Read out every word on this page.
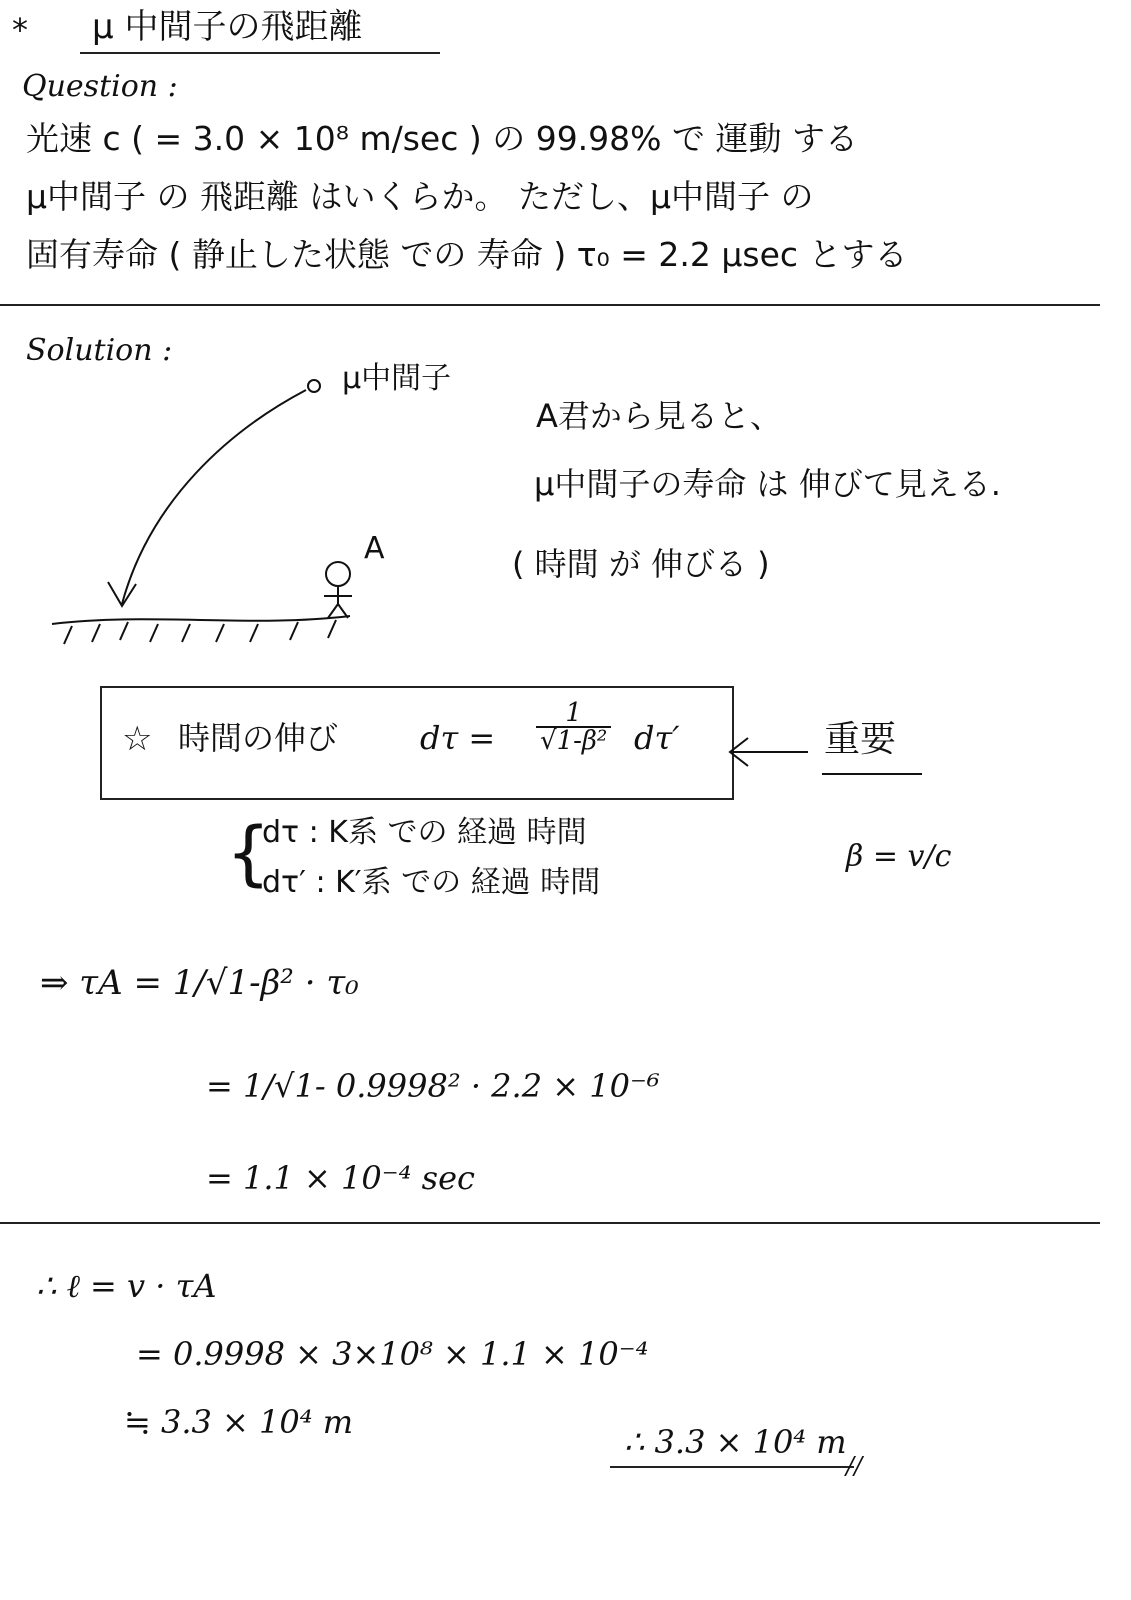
* μ 中間子の飛距離
Question :
光速 c ( = 3.0 × 10⁸ m/sec ) の 99.98% で 運動 する
μ中間子 の 飛距離 はいくらか。 ただし、μ中間子 の
固有寿命 ( 静止した状態 での 寿命 ) τ₀ = 2.2 μsec とする
Solution :
μ中間子
A
A君から見ると、
μ中間子の寿命 は 伸びて見える.
( 時間 が 伸びる )
☆ 時間の伸び	$d\tau = \frac{1}{\text{√1-β²}} d\tau'$	重要
{
dτ : K系 での 経過 時間
dτ′ : K′系 での 経過 時間
β = v/c
⇒ τA = 1/√1-β² · τ₀
= 1/√1- 0.9998² · 2.2 × 10⁻⁶
= 1.1 × 10⁻⁴ sec
∴ ℓ = v · τA
= 0.9998 × 3×10⁸ × 1.1 × 10⁻⁴
≒ 3.3 × 10⁴ m
∴ 3.3 × 10⁴ m
//
